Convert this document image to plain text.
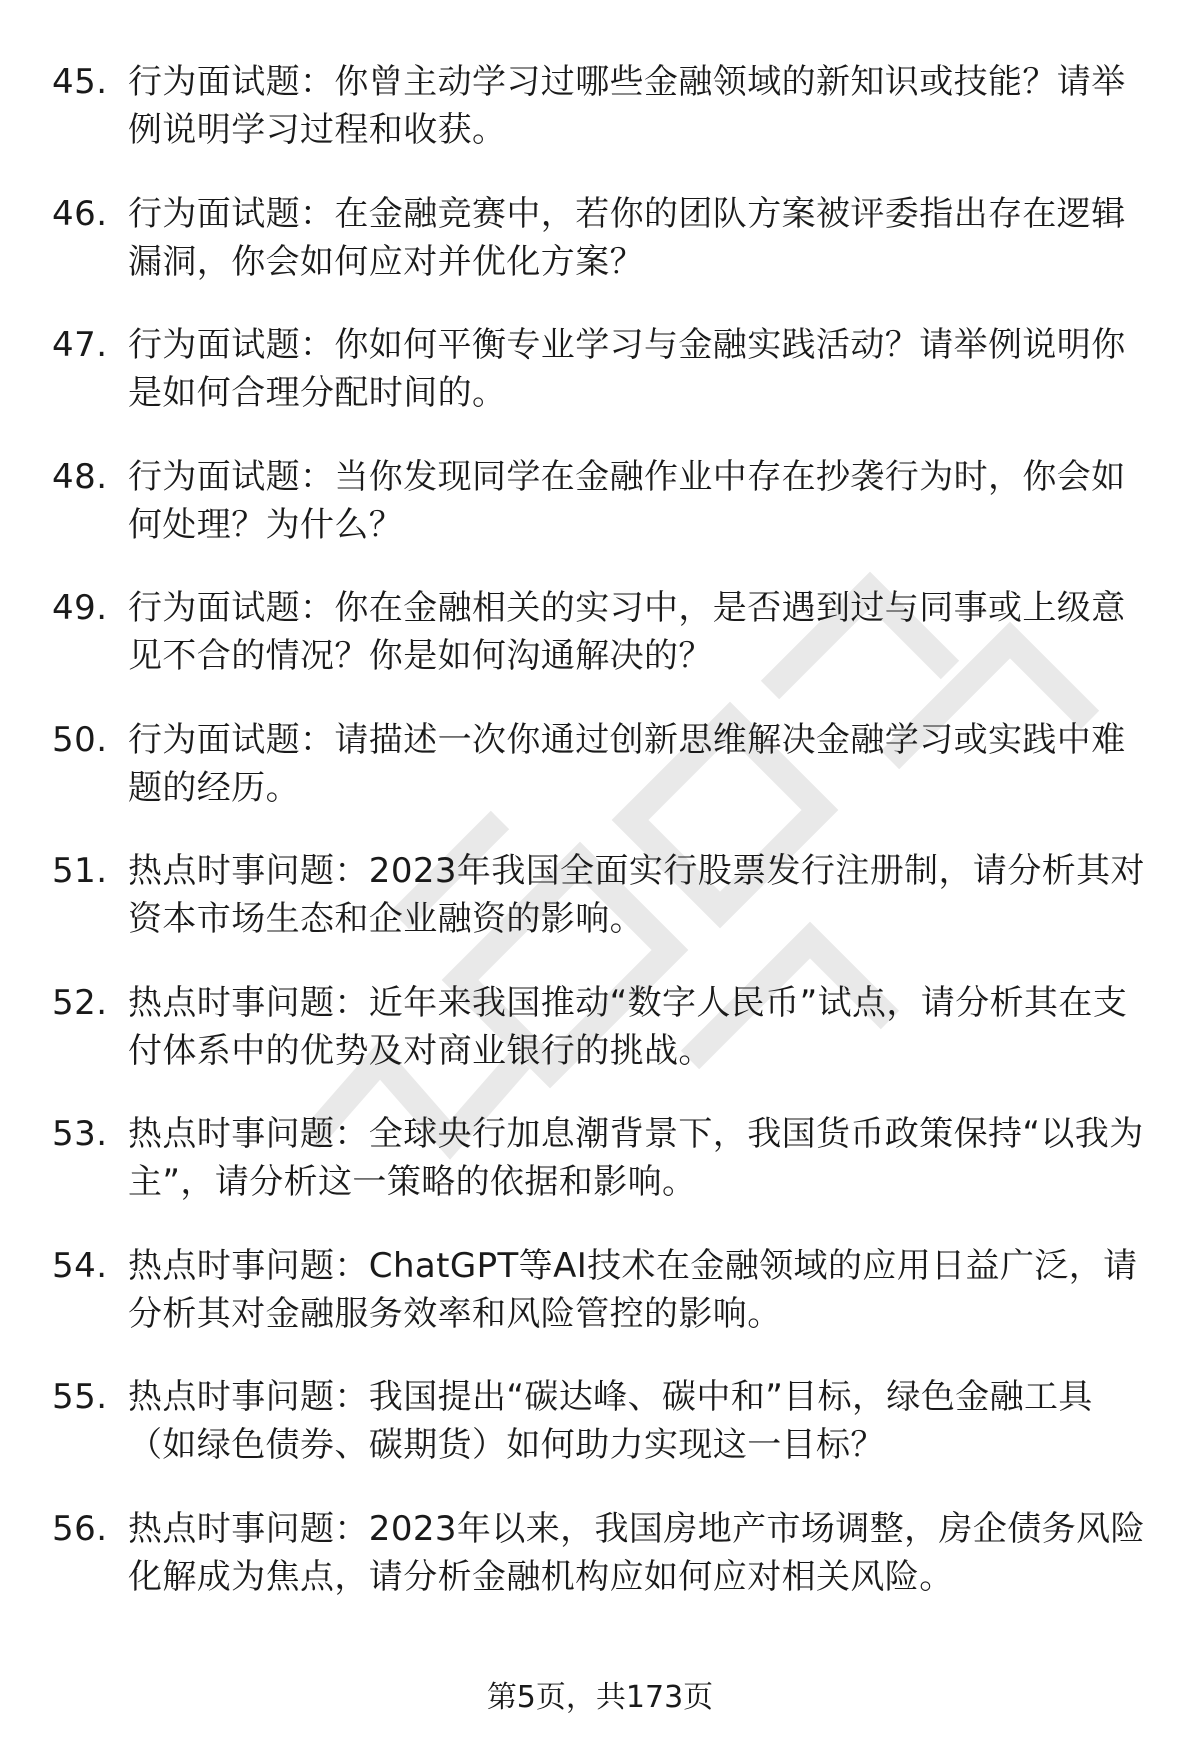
45. 行为面试题：你曾主动学习过哪些金融领域的新知识或技能？请举例说明学习过程和收获。
46. 行为面试题：在金融竞赛中，若你的团队方案被评委指出存在逻辑漏洞，你会如何应对并优化方案？
47. 行为面试题：你如何平衡专业学习与金融实践活动？请举例说明你是如何合理分配时间的。
48. 行为面试题：当你发现同学在金融作业中存在抄袭行为时，你会如何处理？为什么？
49. 行为面试题：你在金融相关的实习中，是否遇到过与同事或上级意见不合的情况？你是如何沟通解决的？
50. 行为面试题：请描述一次你通过创新思维解决金融学习或实践中难题的经历。
51. 热点时事问题：2023年我国全面实行股票发行注册制，请分析其对资本市场生态和企业融资的影响。
52. 热点时事问题：近年来我国推动“数字人民币”试点，请分析其在支付体系中的优势及对商业银行的挑战。
53. 热点时事问题：全球央行加息潮背景下，我国货币政策保持“以我为主”，请分析这一策略的依据和影响。
54. 热点时事问题：ChatGPT等AI技术在金融领域的应用日益广泛，请分析其对金融服务效率和风险管控的影响。
55. 热点时事问题：我国提出“碳达峰、碳中和”目标，绿色金融工具（如绿色债券、碳期货）如何助力实现这一目标？
56. 热点时事问题：2023年以来，我国房地产市场调整，房企债务风险化解成为焦点，请分析金融机构应如何应对相关风险。
第5页，共173页
